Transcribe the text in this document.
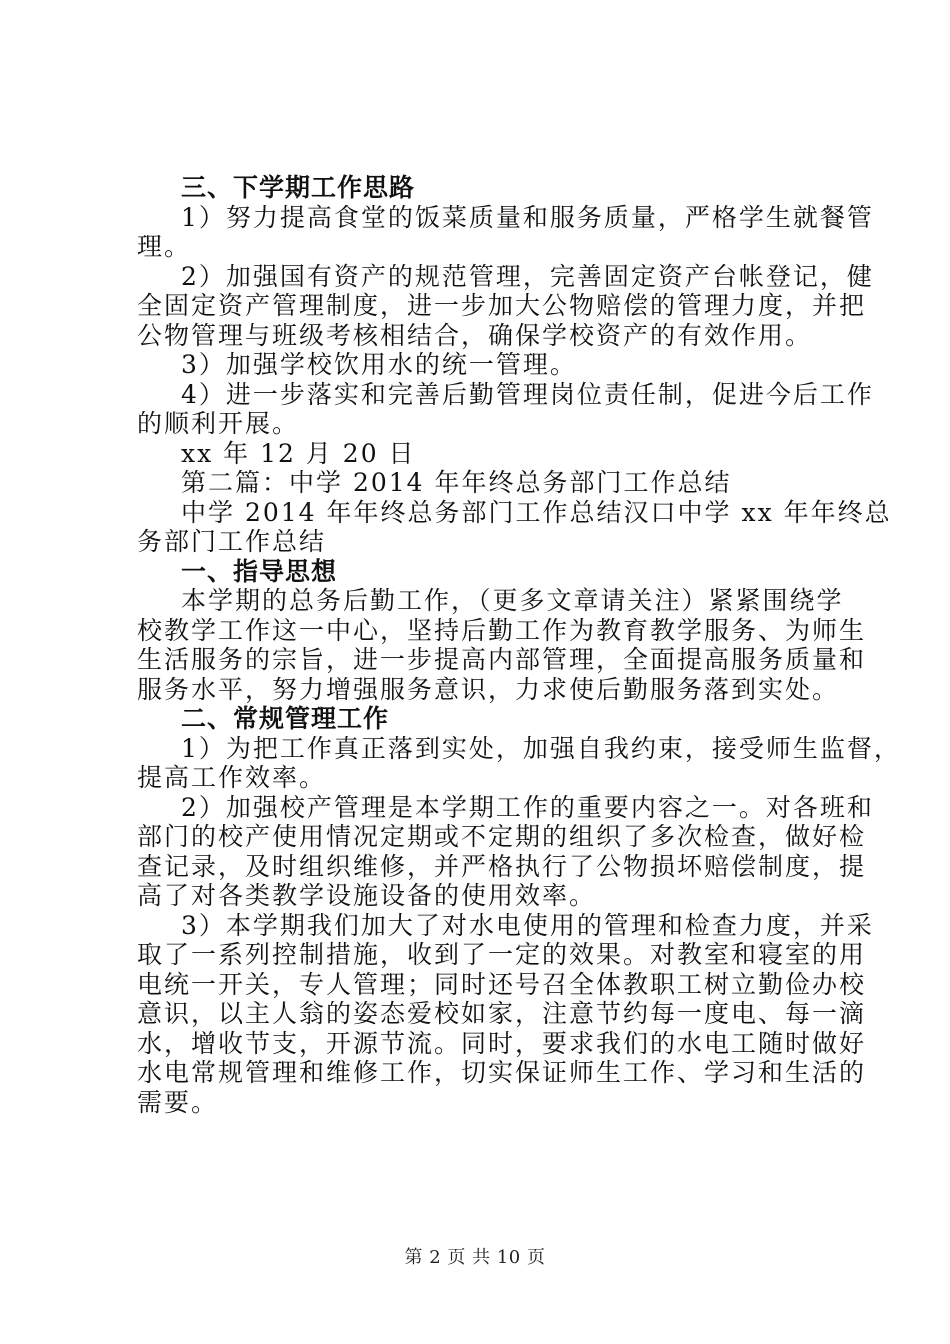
三、下学期工作思路
1）努力提高食堂的饭菜质量和服务质量，严格学生就餐管
理。
2）加强国有资产的规范管理，完善固定资产台帐登记，健
全固定资产管理制度，进一步加大公物赔偿的管理力度，并把
公物管理与班级考核相结合，确保学校资产的有效作用。
3）加强学校饮用水的统一管理。
4）进一步落实和完善后勤管理岗位责任制，促进今后工作
的顺利开展。
xx 年 12 月 20 日
第二篇：中学 2014 年年终总务部门工作总结
中学 2014 年年终总务部门工作总结汉口中学 xx 年年终总
务部门工作总结
一、指导思想
本学期的总务后勤工作，（更多文章请关注）紧紧围绕学
校教学工作这一中心，坚持后勤工作为教育教学服务、为师生
生活服务的宗旨，进一步提高内部管理，全面提高服务质量和
服务水平，努力增强服务意识，力求使后勤服务落到实处。
二、常规管理工作
1）为把工作真正落到实处，加强自我约束，接受师生监督，
提高工作效率。
2）加强校产管理是本学期工作的重要内容之一。对各班和
部门的校产使用情况定期或不定期的组织了多次检查，做好检
查记录，及时组织维修，并严格执行了公物损坏赔偿制度，提
高了对各类教学设施设备的使用效率。
3）本学期我们加大了对水电使用的管理和检查力度，并采
取了一系列控制措施，收到了一定的效果。对教室和寝室的用
电统一开关，专人管理；同时还号召全体教职工树立勤俭办校
意识，以主人翁的姿态爱校如家，注意节约每一度电、每一滴
水，增收节支，开源节流。同时，要求我们的水电工随时做好
水电常规管理和维修工作，切实保证师生工作、学习和生活的
需要。
第 2 页 共 10 页
